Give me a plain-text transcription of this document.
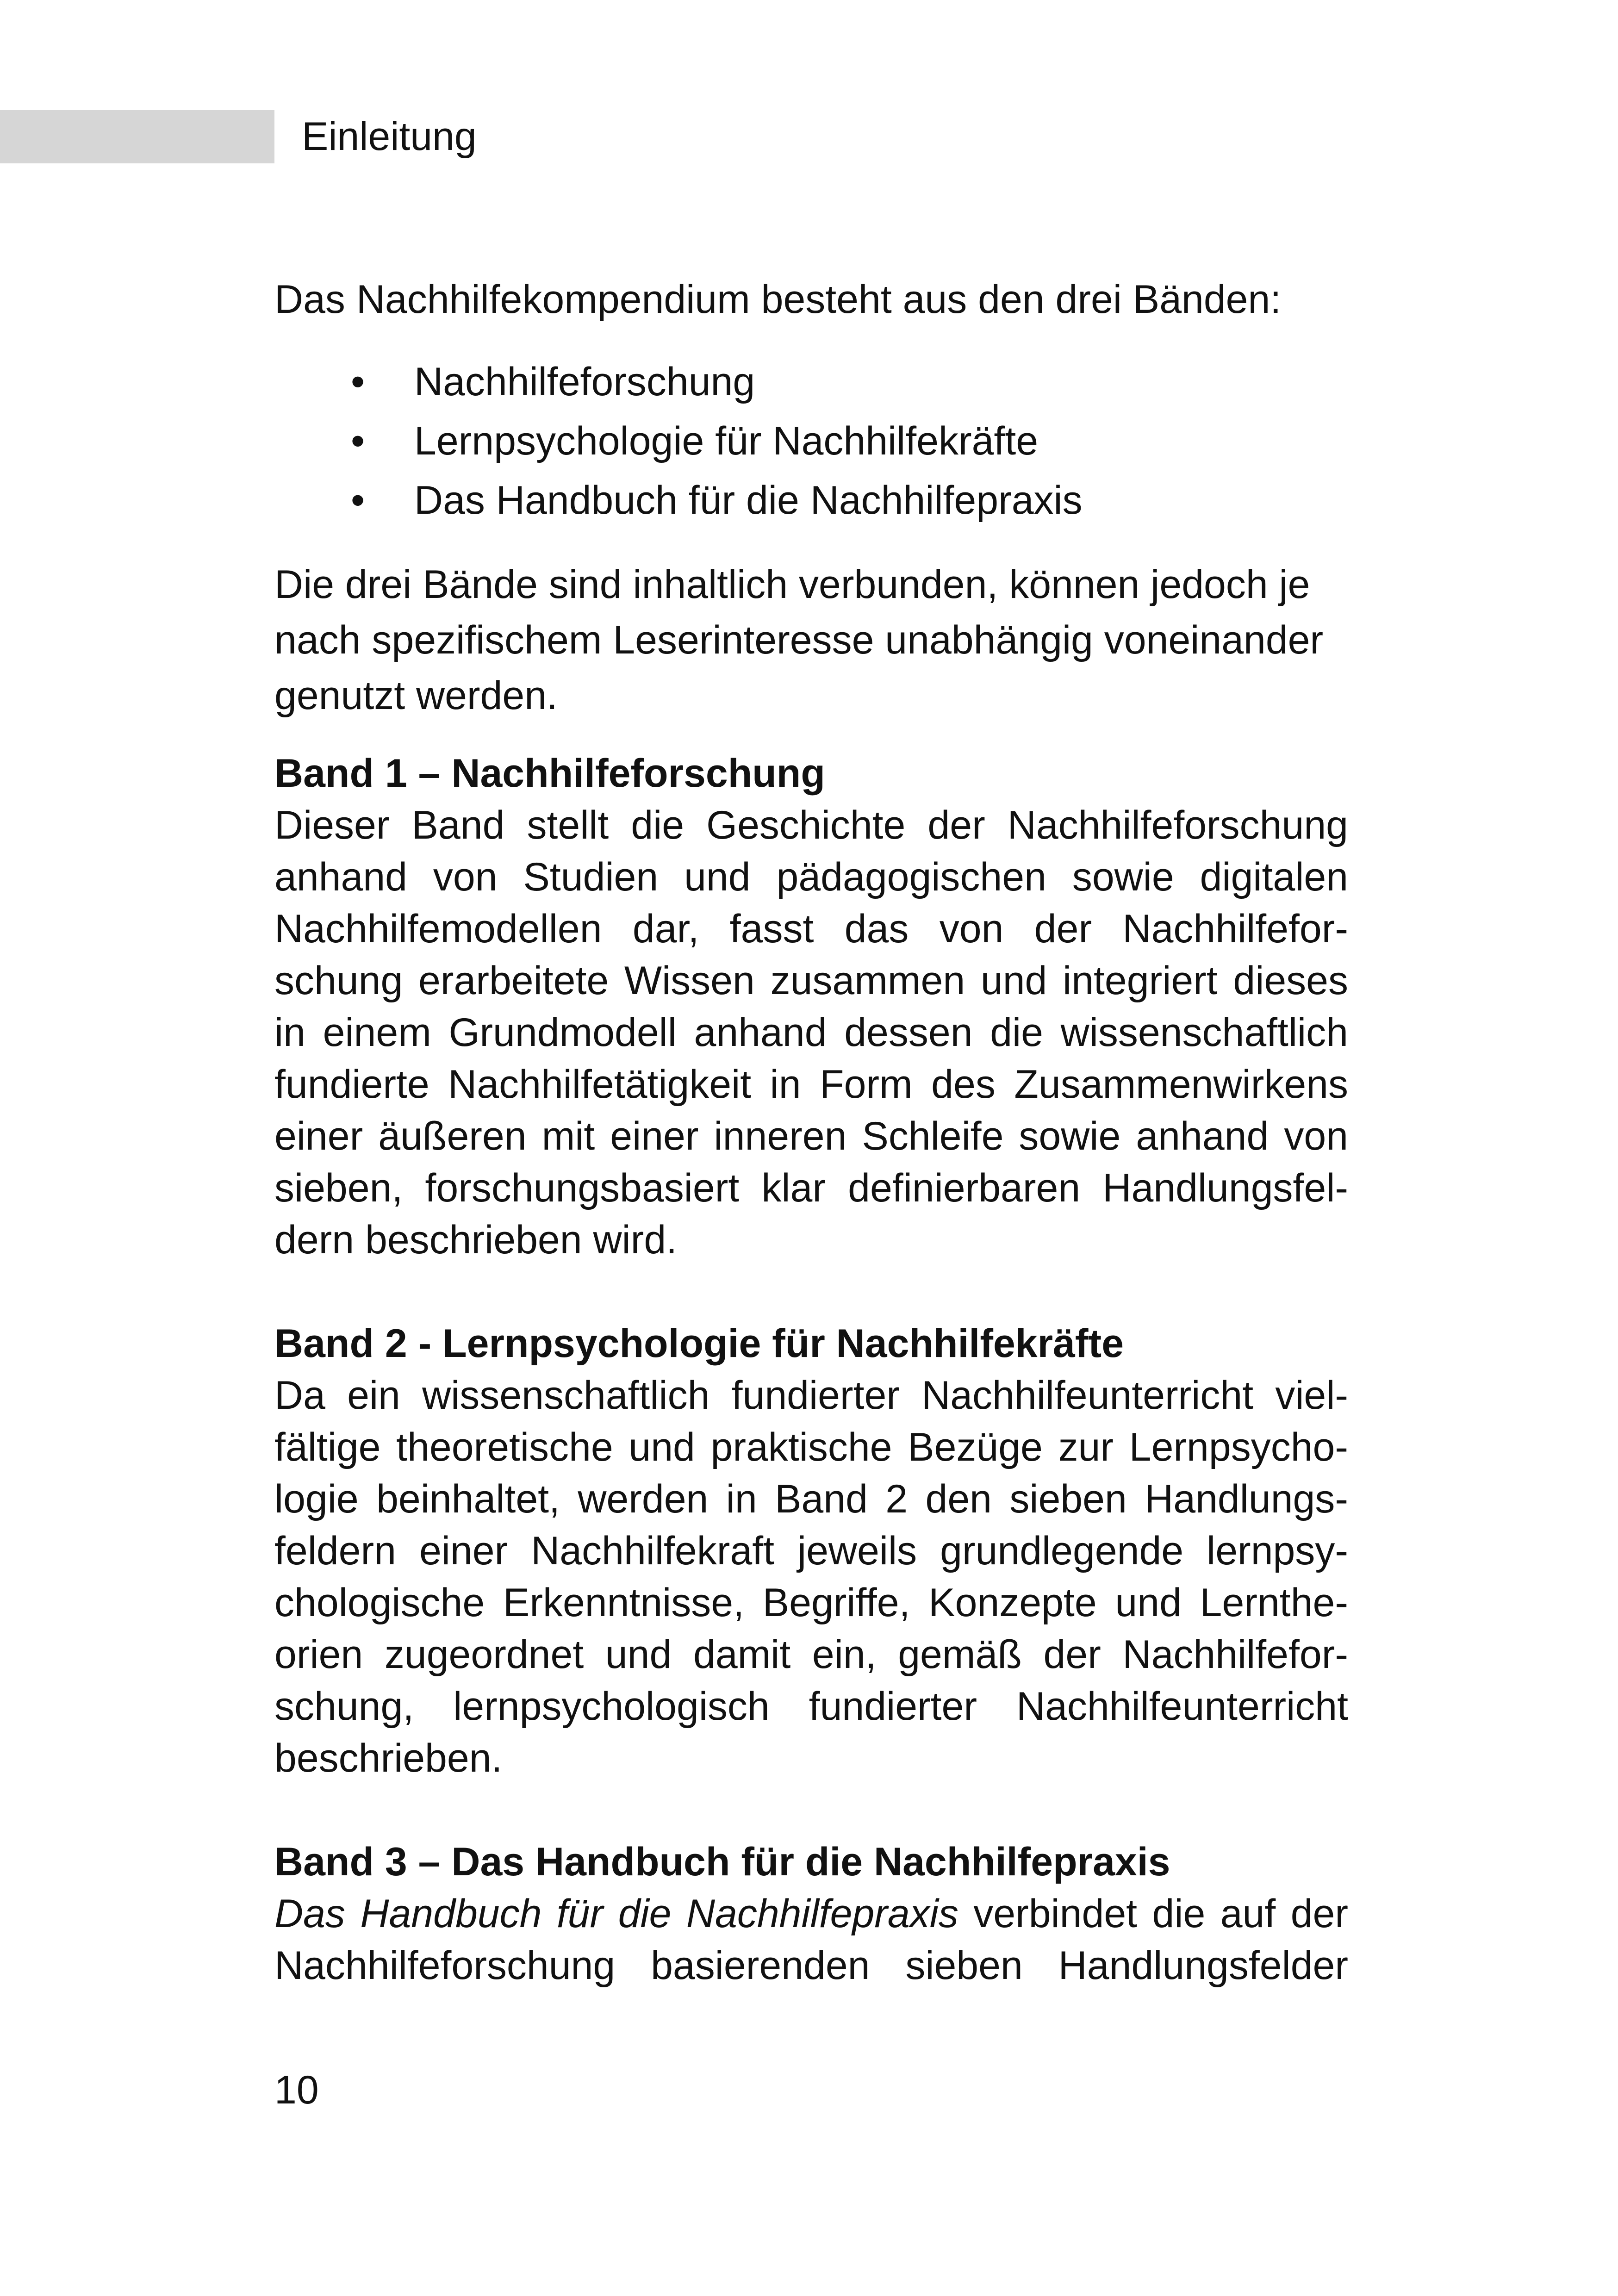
Einleitung

Das Nachhilfekompendium besteht aus den drei Bänden:

• Nachhilfeforschung
• Lernpsychologie für Nachhilfekräfte
• Das Handbuch für die Nachhilfepraxis
Die drei Bände sind inhaltlich verbunden, können jedoch je
nach spezifischem Leserinteresse unabhängig voneinander
genutzt werden.

Band 1 – Nachhilfeforschung

Dieser Band stellt die Geschichte der Nachhilfeforschung
anhand von Studien und pädagogischen sowie digitalen
Nachhilfemodellen dar, fasst das von der Nachhilfefor-
schung erarbeitete Wissen zusammen und integriert dieses
in einem Grundmodell anhand dessen die wissenschaftlich
fundierte Nachhilfetätigkeit in Form des Zusammenwirkens
einer äußeren mit einer inneren Schleife sowie anhand von
sieben, forschungsbasiert klar definierbaren Handlungsfel-
dern beschrieben wird.

Band 2 - Lernpsychologie für Nachhilfekräfte

Da ein wissenschaftlich fundierter Nachhilfeunterricht viel-
fältige theoretische und praktische Bezüge zur Lernpsycho-
logie beinhaltet, werden in Band 2 den sieben Handlungs-
feldern einer Nachhilfekraft jeweils grundlegende lernpsy-
chologische Erkenntnisse, Begriffe, Konzepte und Lernthe-
orien zugeordnet und damit ein, gemäß der Nachhilfefor-
schung, lernpsychologisch fundierter Nachhilfeunterricht
beschrieben.

Band 3 – Das Handbuch für die Nachhilfepraxis

Das Handbuch für die Nachhilfepraxis verbindet die auf der
Nachhilfeforschung basierenden sieben Handlungsfelder
10
